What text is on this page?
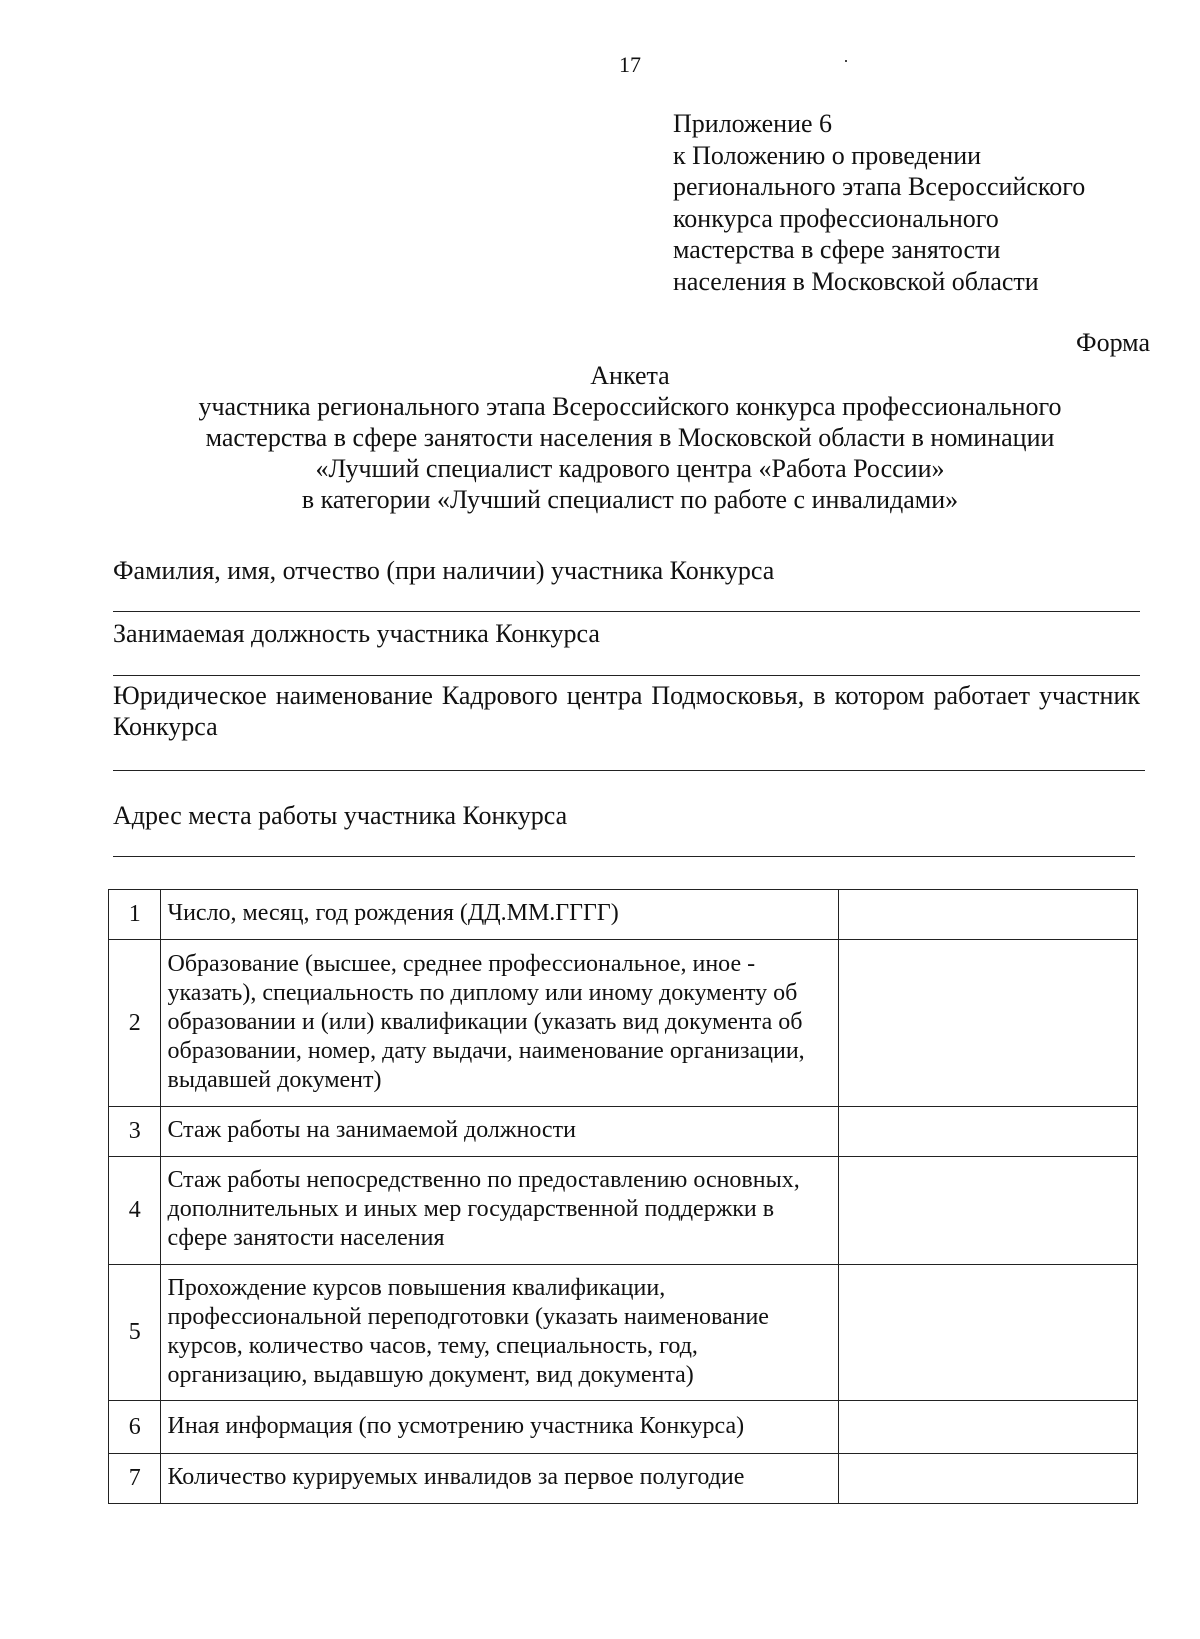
17
Приложение 6
к Положению о проведении
регионального этапа Всероссийского
конкурса профессионального
мастерства в сфере занятости
населения в Московской области
Форма
Анкета
участника регионального этапа Всероссийского конкурса профессионального
мастерства в сфере занятости населения в Московской области в номинации
«Лучший специалист кадрового центра «Работа России»
в категории «Лучший специалист по работе с инвалидами»
Фамилия, имя, отчество (при наличии) участника Конкурса
Занимаемая должность участника Конкурса
Юридическое наименование Кадрового центра Подмосковья, в котором работает участник Конкурса
Адрес места работы участника Конкурса
1	Число, месяц, год рождения (ДД.ММ.ГГГГ)	
2	Образование (высшее, среднее профессиональное, иное - указать), специальность по диплому или иному документу об образовании и (или) квалификации (указать вид документа об образовании, номер, дату выдачи, наименование организации, выдавшей документ)	
3	Стаж работы на занимаемой должности	
4	Стаж работы непосредственно по предоставлению основных, дополнительных и иных мер государственной поддержки в сфере занятости населения	
5	Прохождение курсов повышения квалификации, профессиональной переподготовки (указать наименование курсов, количество часов, тему, специальность, год, организацию, выдавшую документ, вид документа)	
6	Иная информация (по усмотрению участника Конкурса)	
7	Количество курируемых инвалидов за первое полугодие	
